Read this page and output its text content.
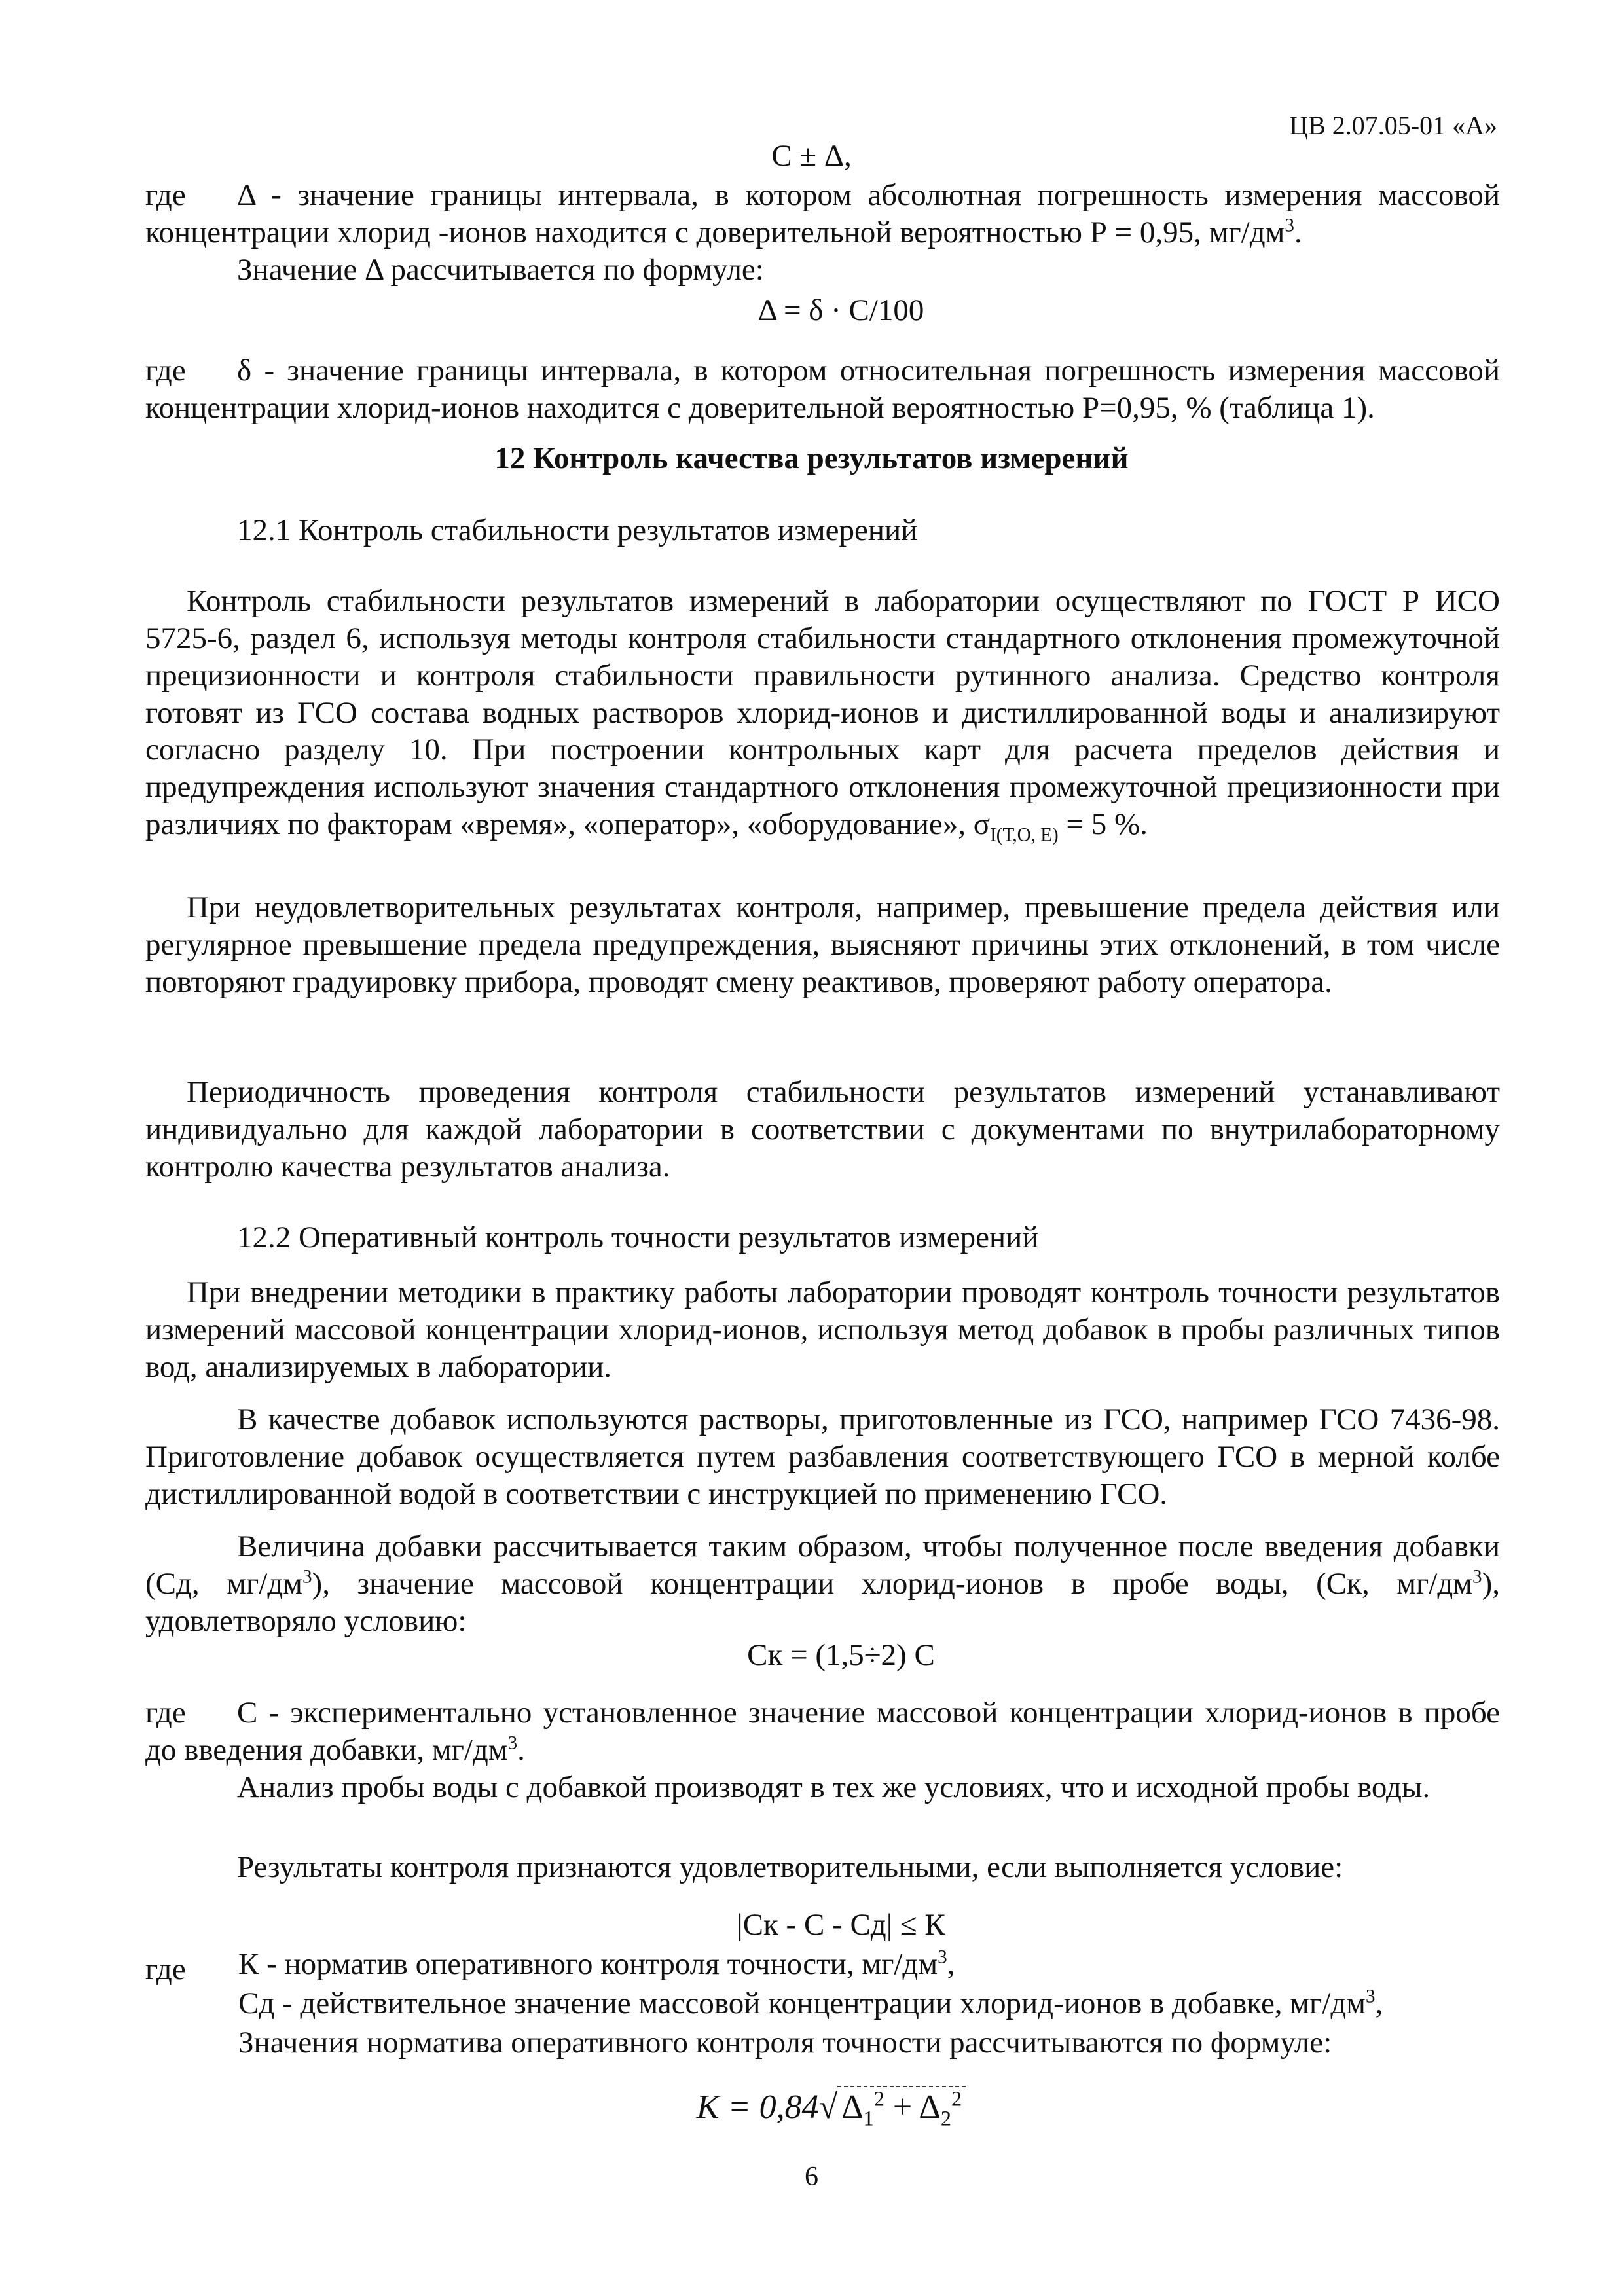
ЦВ 2.07.05-01 «А»
С ± Δ,
где	Δ - значение границы интервала, в котором абсолютная погрешность измерения массовой концентрации хлорид -ионов находится с доверительной вероятностью Р = 0,95, $мг/дм^3$.
Значение Δ рассчитывается по формуле:
Δ = δ · С/100
где	δ - значение границы интервала, в котором относительная погрешность измерения массовой концентрации хлорид-ионов находится с доверительной вероятностью Р=0,95, % (таблица 1).
12 Контроль качества результатов измерений
12.1 Контроль стабильности результатов измерений
Контроль стабильности результатов измерений в лаборатории осуществляют по ГОСТ Р ИСО 5725-6, раздел 6, используя методы контроля стабильности стандартного отклонения промежуточной прецизионности и контроля стабильности правильности рутинного анализа. Средство контроля готовят из ГСО состава водных растворов хлорид-ионов и дистиллированной воды и анализируют согласно разделу 10. При построении контрольных карт для расчета пределов действия и предупреждения используют значения стандартного отклонения промежуточной прецизионности при различиях по факторам «время», «оператор», «оборудование», $\sigma_{I(Т,О, Е)} = 5$ %.
При неудовлетворительных результатах контроля, например, превышение предела действия или регулярное превышение предела предупреждения, выясняют причины этих отклонений, в том числе повторяют градуировку прибора, проводят смену реактивов, проверяют работу оператора.
Периодичность проведения контроля стабильности результатов измерений устанавливают индивидуально для каждой лаборатории в соответствии с документами по внутрилабораторному контролю качества результатов анализа.
12.2 Оперативный контроль точности результатов измерений
При внедрении методики в практику работы лаборатории проводят контроль точности результатов измерений массовой концентрации хлорид-ионов, используя метод добавок в пробы различных типов вод, анализируемых в лаборатории.
В качестве добавок используются растворы, приготовленные из ГСО, например ГСО 7436-98. Приготовление добавок осуществляется путем разбавления соответствующего ГСО в мерной колбе дистиллированной водой в соответствии с инструкцией по применению ГСО.
Величина добавки рассчитывается таким образом, чтобы полученное после введения добавки (Сд, $мг/дм^3$), значение массовой концентрации хлорид-ионов в пробе воды, (Ск, $мг/дм^3$), удовлетворяло условию:
Ск = (1,5÷2) С
где	С - экспериментально установленное значение массовой концентрации хлорид-ионов в пробе до введения добавки, $мг/дм^3$.
Анализ пробы воды с добавкой производят в тех же условиях, что и исходной пробы воды.
Результаты контроля признаются удовлетворительными, если выполняется условие:
|Ск - С - Сд| ≤ К
где К - норматив оперативного контроля точности, $мг/дм^3$,
Сд - действительное значение массовой концентрации хлорид-ионов в добавке, $мг/дм^3$,
Значения норматива оперативного контроля точности рассчитываются по формуле:
K = 0,84√ $\Delta_1^2 + \Delta_2^2$
6
